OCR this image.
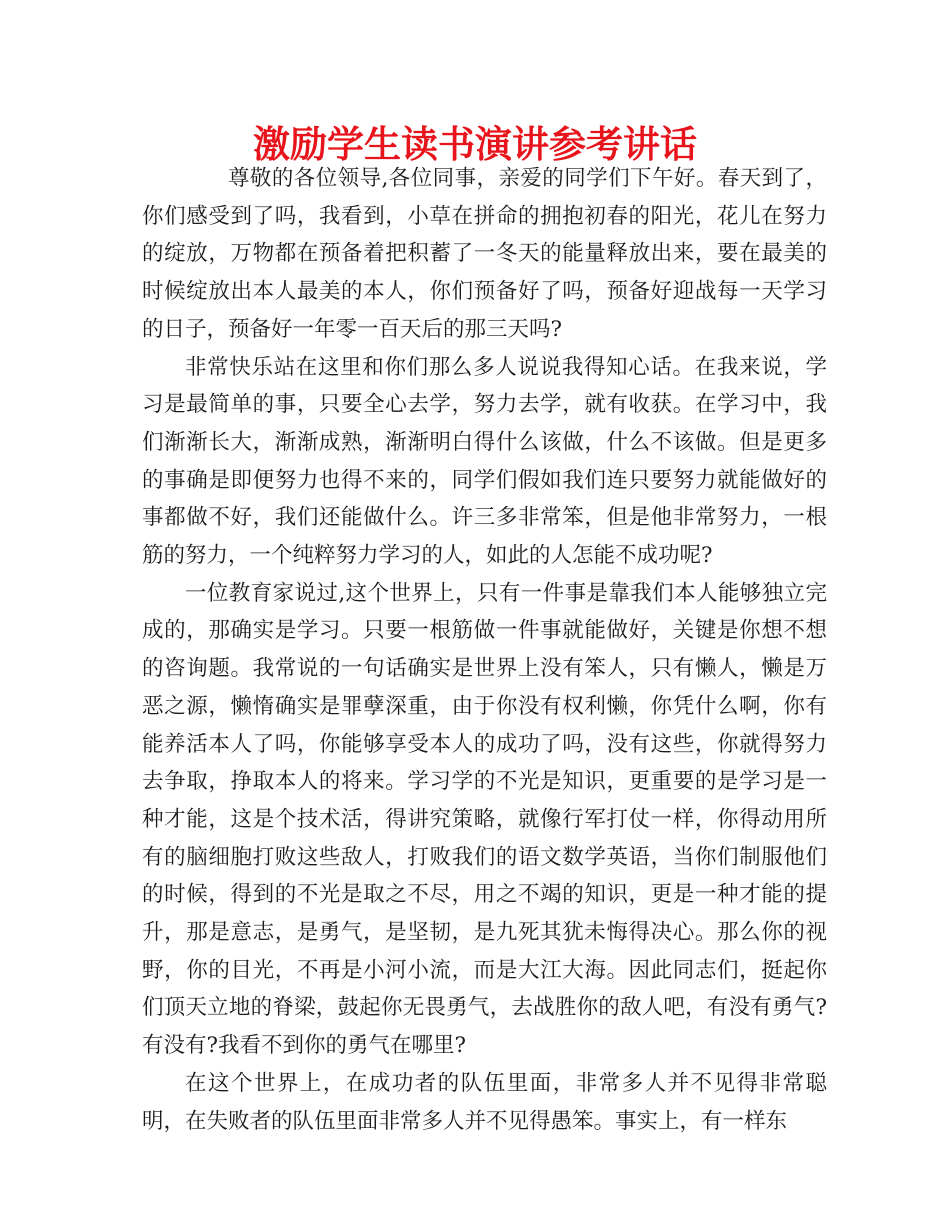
激励学生读书演讲参考讲话

尊敬的各位领导,各位同事，亲爱的同学们下午好。春天到了，你们感受到了吗，我看到，小草在拼命的拥抱初春的阳光，花儿在努力的绽放，万物都在预备着把积蓄了一冬天的能量释放出来，要在最美的时候绽放出本人最美的本人，你们预备好了吗，预备好迎战每一天学习的日子，预备好一年零一百天后的那三天吗?

非常快乐站在这里和你们那么多人说说我得知心话。在我来说，学习是最简单的事，只要全心去学，努力去学，就有收获。在学习中，我们渐渐长大，渐渐成熟，渐渐明白得什么该做，什么不该做。但是更多的事确是即便努力也得不来的，同学们假如我们连只要努力就能做好的事都做不好，我们还能做什么。许三多非常笨，但是他非常努力，一根筋的努力，一个纯粹努力学习的人，如此的人怎能不成功呢?

一位教育家说过,这个世界上，只有一件事是靠我们本人能够独立完成的，那确实是学习。只要一根筋做一件事就能做好，关键是你想不想的咨询题。我常说的一句话确实是世界上没有笨人，只有懒人，懒是万恶之源，懒惰确实是罪孽深重，由于你没有权利懒，你凭什么啊，你有能养活本人了吗，你能够享受本人的成功了吗，没有这些，你就得努力去争取，挣取本人的将来。学习学的不光是知识，更重要的是学习是一种才能，这是个技术活，得讲究策略，就像行军打仗一样，你得动用所有的脑细胞打败这些敌人，打败我们的语文数学英语，当你们制服他们的时候，得到的不光是取之不尽，用之不竭的知识，更是一种才能的提升，那是意志，是勇气，是坚韧，是九死其犹未悔得决心。那么你的视野，你的目光，不再是小河小流，而是大江大海。因此同志们，挺起你们顶天立地的脊梁，鼓起你无畏勇气，去战胜你的敌人吧，有没有勇气?有没有?我看不到你的勇气在哪里?

在这个世界上，在成功者的队伍里面，非常多人并不见得非常聪明，在失败者的队伍里面非常多人并不见得愚笨。事实上，有一样东
